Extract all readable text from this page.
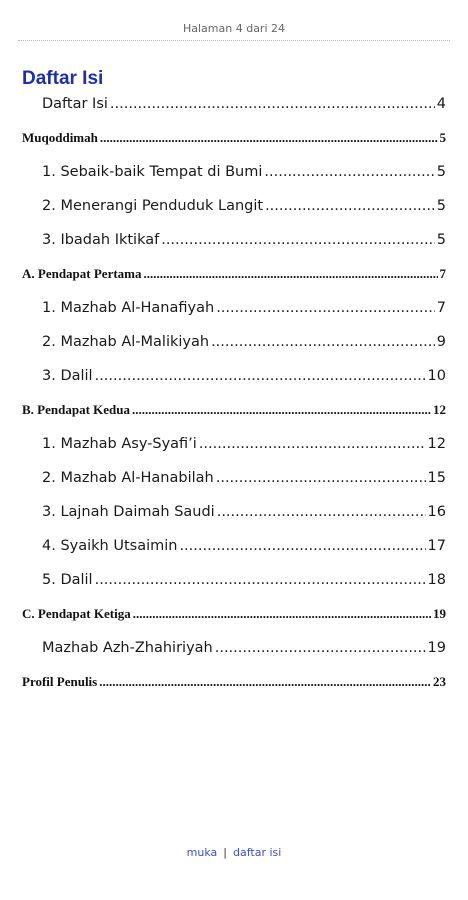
Halaman 4 dari 24
Daftar Isi
Daftar Isi .....	4
Muqoddimah .....	5
1. Sebaik-baik Tempat di Bumi .....	5
2. Menerangi Penduduk Langit .....	5
3. Ibadah Iktikaf .....	5
A. Pendapat Pertama .....	7
1. Mazhab Al-Hanafiyah .....	7
2. Mazhab Al-Malikiyah .....	9
3. Dalil .....	10
B. Pendapat Kedua .....	12
1. Mazhab Asy-Syafi’i .....	12
2. Mazhab Al-Hanabilah .....	15
3. Lajnah Daimah Saudi .....	16
4. Syaikh Utsaimin .....	17
5. Dalil .....	18
C. Pendapat Ketiga .....	19
Mazhab Azh-Zhahiriyah .....	19
Profil Penulis .....	23
muka | daftar isi
